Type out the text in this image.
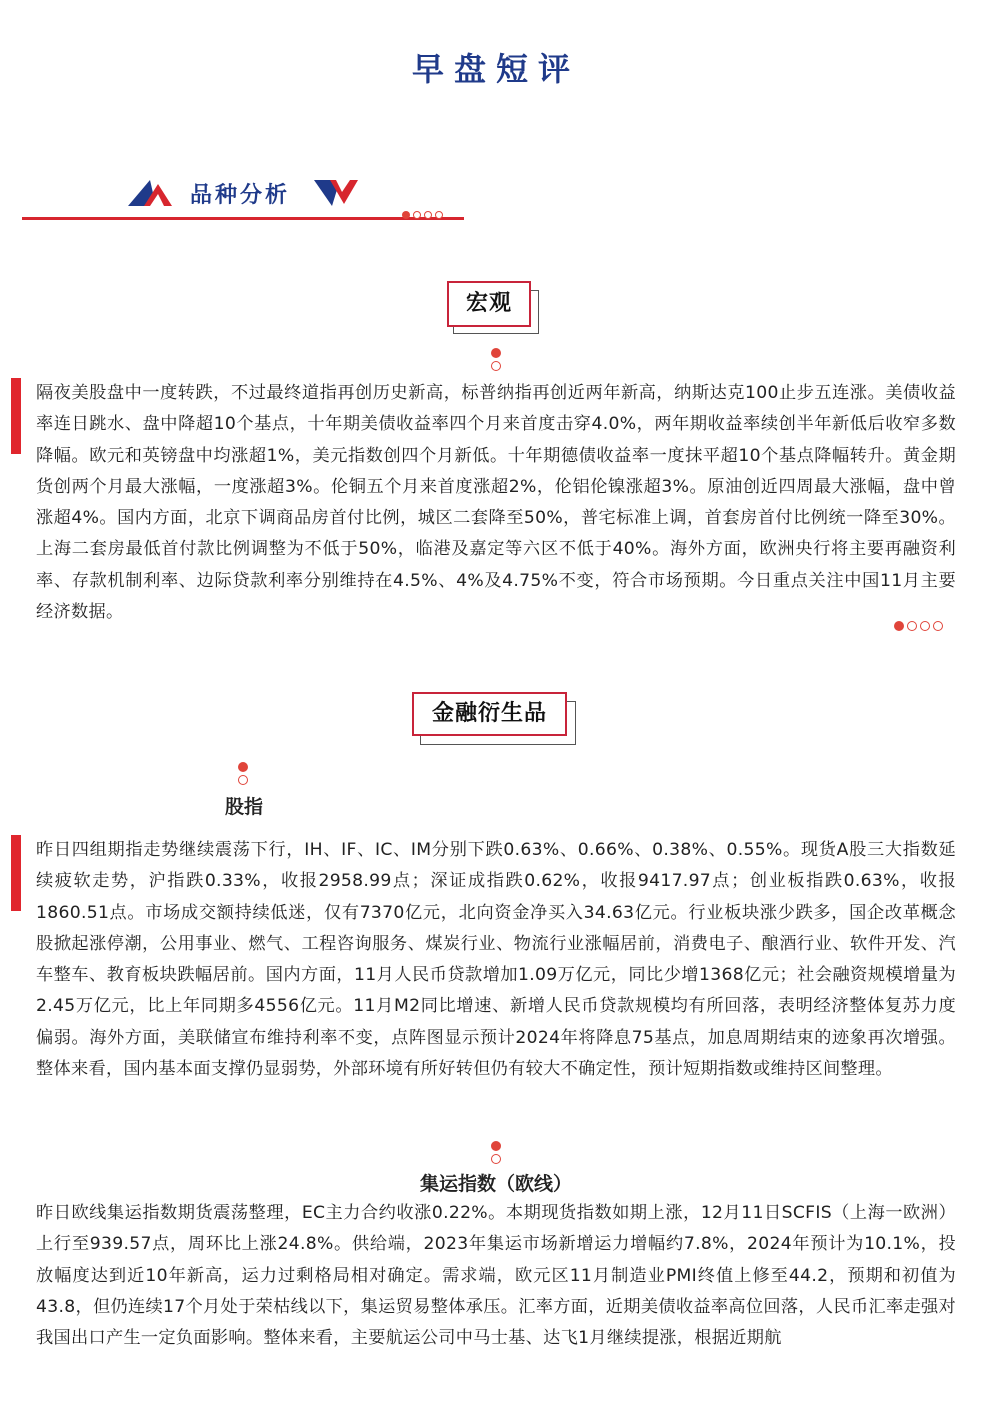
早盘短评
品种分析
宏观
隔夜美股盘中一度转跌，不过最终道指再创历史新高，标普纳指再创近两年新高，纳斯达克100止步五连涨。美债收益率连日跳水、盘中降超10个基点，十年期美债收益率四个月来首度击穿4.0%，两年期收益率续创半年新低后收窄多数降幅。欧元和英镑盘中均涨超1%，美元指数创四个月新低。十年期德债收益率一度抹平超10个基点降幅转升。黄金期货创两个月最大涨幅，一度涨超3%。伦铜五个月来首度涨超2%，伦铝伦镍涨超3%。原油创近四周最大涨幅，盘中曾涨超4%。国内方面，北京下调商品房首付比例，城区二套降至50%，普宅标准上调，首套房首付比例统一降至30%。上海二套房最低首付款比例调整为不低于50%，临港及嘉定等六区不低于40%。海外方面，欧洲央行将主要再融资利率、存款机制利率、边际贷款利率分别维持在4.5%、4%及4.75%不变，符合市场预期。今日重点关注中国11月主要经济数据。
金融衍生品
股指
昨日四组期指走势继续震荡下行，IH、IF、IC、IM分别下跌0.63%、0.66%、0.38%、0.55%。现货A股三大指数延续疲软走势，沪指跌0.33%，收报2958.99点；深证成指跌0.62%，收报9417.97点；创业板指跌0.63%，收报1860.51点。市场成交额持续低迷，仅有7370亿元，北向资金净买入34.63亿元。行业板块涨少跌多，国企改革概念股掀起涨停潮，公用事业、燃气、工程咨询服务、煤炭行业、物流行业涨幅居前，消费电子、酿酒行业、软件开发、汽车整车、教育板块跌幅居前。国内方面，11月人民币贷款增加1.09万亿元，同比少增1368亿元；社会融资规模增量为2.45万亿元，比上年同期多4556亿元。11月M2同比增速、新增人民币贷款规模均有所回落，表明经济整体复苏力度偏弱。海外方面，美联储宣布维持利率不变，点阵图显示预计2024年将降息75基点，加息周期结束的迹象再次增强。整体来看，国内基本面支撑仍显弱势，外部环境有所好转但仍有较大不确定性，预计短期指数或维持区间整理。
集运指数（欧线）
昨日欧线集运指数期货震荡整理，EC主力合约收涨0.22%。本期现货指数如期上涨，12月11日SCFIS（上海一欧洲）上行至939.57点，周环比上涨24.8%。供给端，2023年集运市场新增运力增幅约7.8%，2024年预计为10.1%，投放幅度达到近10年新高，运力过剩格局相对确定。需求端，欧元区11月制造业PMI终值上修至44.2，预期和初值为43.8，但仍连续17个月处于荣枯线以下，集运贸易整体承压。汇率方面，近期美债收益率高位回落，人民币汇率走强对我国出口产生一定负面影响。整体来看，主要航运公司中马士基、达飞1月继续提涨，根据近期航
